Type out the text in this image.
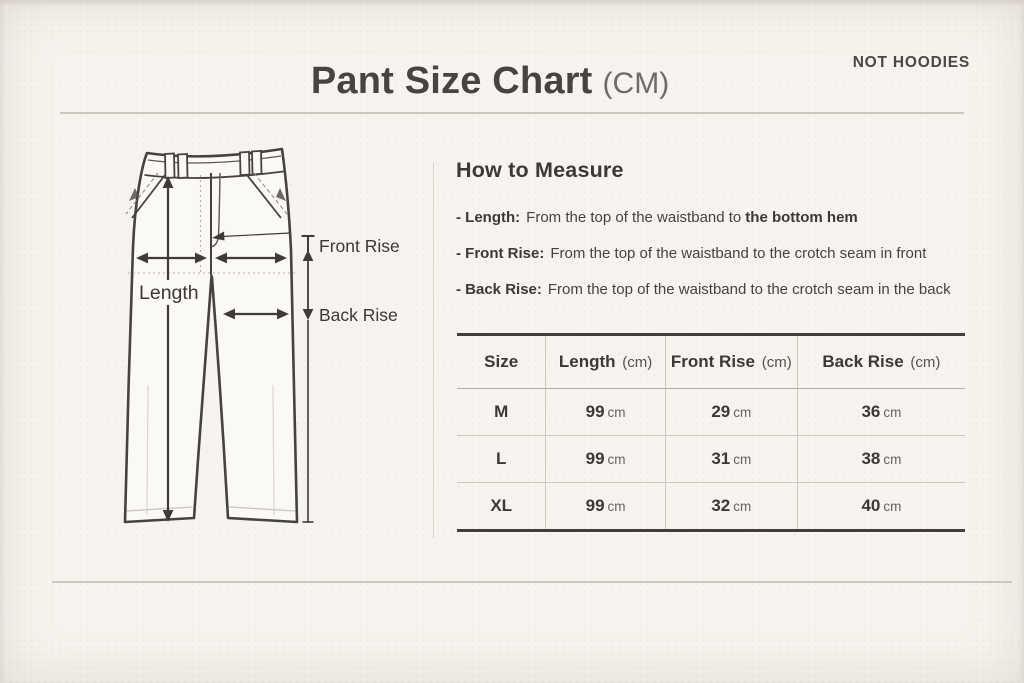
Pant Size Chart (CM)
NOT HOODIES
Length
Front Rise
Back Rise
How to Measure
- Length: From the top of the waistband to the bottom hem
- Front Rise: From the top of the waistband to the crotch seam in front
- Back Rise: From the top of the waistband to the crotch seam in the back
Size	Length (cm)	Front Rise (cm)	Back Rise (cm)
M	99 cm	29 cm	36 cm
L	99 cm	31 cm	38 cm
XL	99 cm	32 cm	40 cm
